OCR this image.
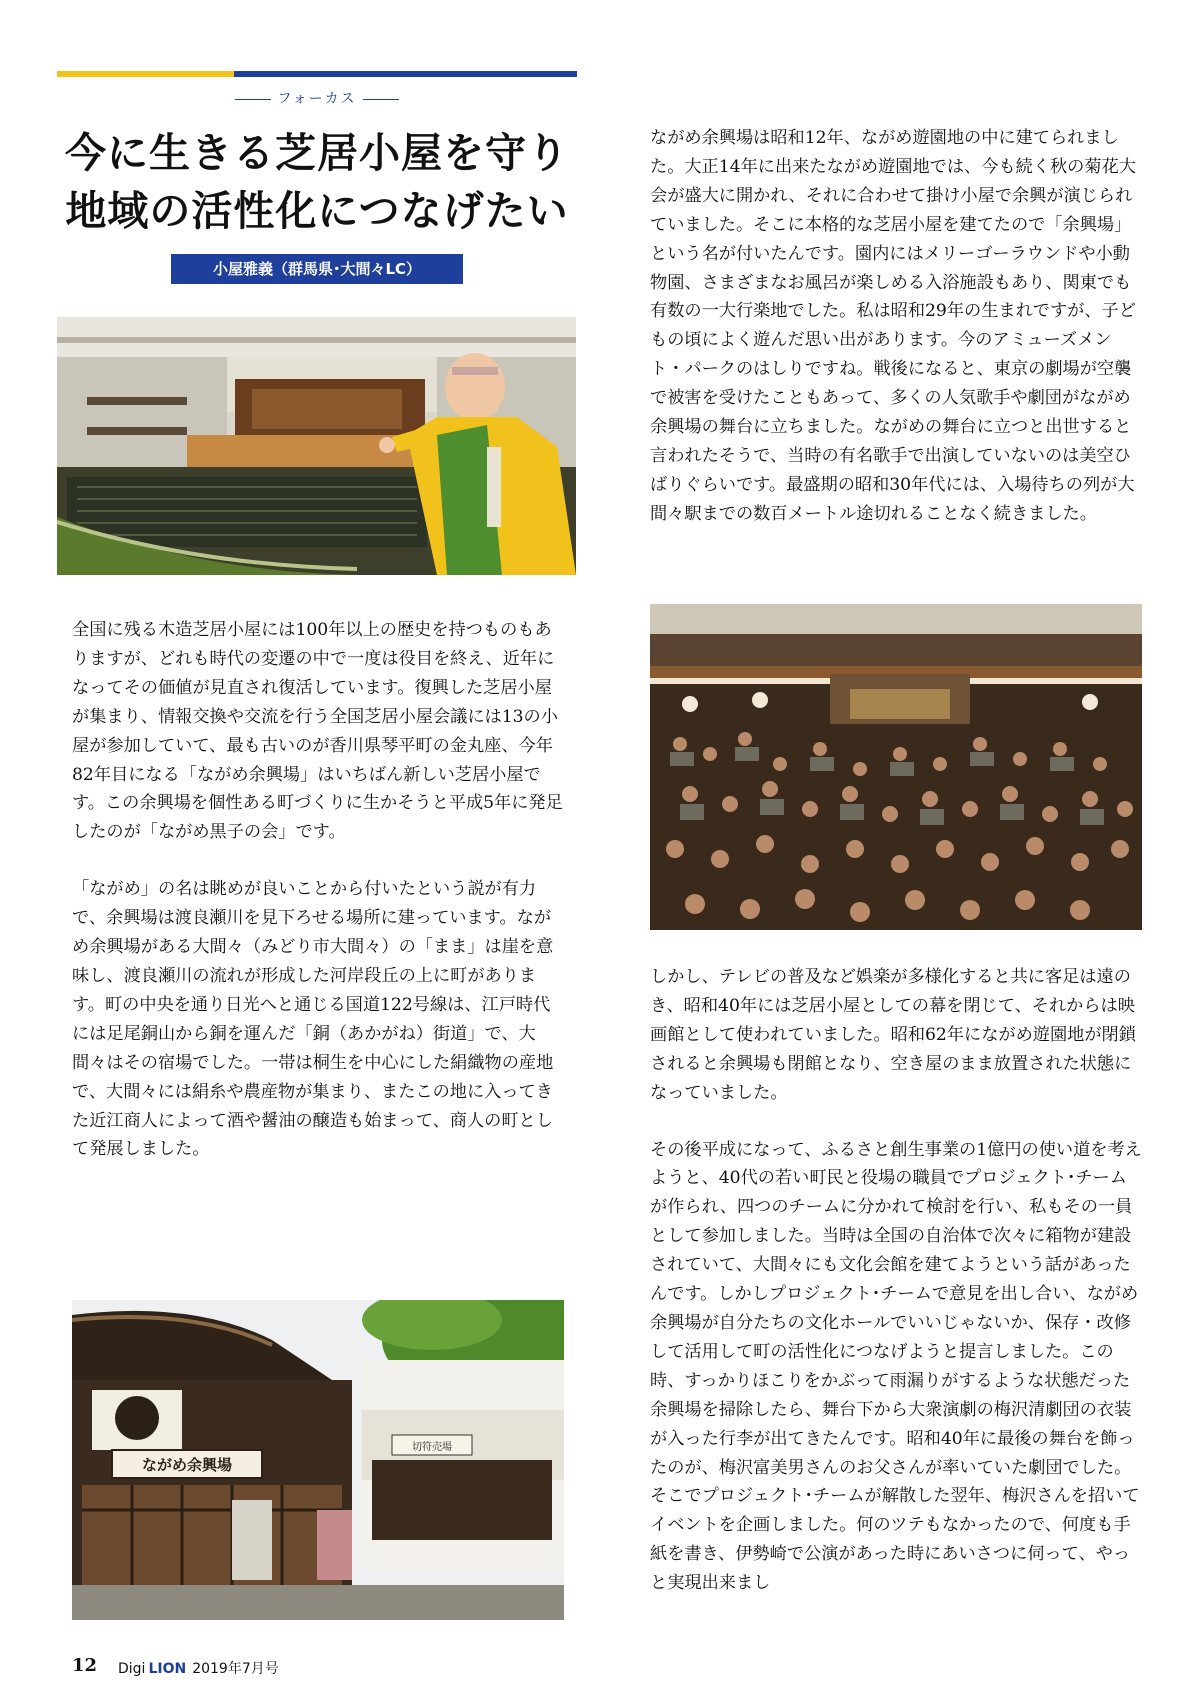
フォーカス
今に生きる芝居小屋を守り
地域の活性化につなげたい
小屋雅義（群馬県･大間々LC）

全国に残る木造芝居小屋には100年以上の歴史を持つものもありますが、どれも時代の変遷の中で一度は役目を終え、近年になってその価値が見直され復活しています。復興した芝居小屋が集まり、情報交換や交流を行う全国芝居小屋会議には13の小屋が参加していて、最も古いのが香川県琴平町の金丸座、今年82年目になる「ながめ余興場」はいちばん新しい芝居小屋です。この余興場を個性ある町づくりに生かそうと平成5年に発足したのが「ながめ黒子の会」です。

「ながめ」の名は眺めが良いことから付いたという説が有力で、余興場は渡良瀬川を見下ろせる場所に建っています。ながめ余興場がある大間々（みどり市大間々）の「まま」は崖を意味し、渡良瀬川の流れが形成した河岸段丘の上に町があります。町の中央を通り日光へと通じる国道122号線は、江戸時代には足尾銅山から銅を運んだ「銅（あかがね）街道」で、大間々はその宿場でした。一帯は桐生を中心にした絹織物の産地で、大間々には絹糸や農産物が集まり、またこの地に入ってきた近江商人によって酒や醤油の醸造も始まって、商人の町として発展しました。

切符売場
ながめ余興場

ながめ余興場は昭和12年、ながめ遊園地の中に建てられました。大正14年に出来たながめ遊園地では、今も続く秋の菊花大会が盛大に開かれ、それに合わせて掛け小屋で余興が演じられていました。そこに本格的な芝居小屋を建てたので「余興場」という名が付いたんです。園内にはメリーゴーラウンドや小動物園、さまざまなお風呂が楽しめる入浴施設もあり、関東でも有数の一大行楽地でした。私は昭和29年の生まれですが、子どもの頃によく遊んだ思い出があります。今のアミューズメント・パークのはしりですね。戦後になると、東京の劇場が空襲で被害を受けたこともあって、多くの人気歌手や劇団がながめ余興場の舞台に立ちました。ながめの舞台に立つと出世すると言われたそうで、当時の有名歌手で出演していないのは美空ひばりぐらいです。最盛期の昭和30年代には、入場待ちの列が大間々駅までの数百メートル途切れることなく続きました。

しかし、テレビの普及など娯楽が多様化すると共に客足は遠のき、昭和40年には芝居小屋としての幕を閉じて、それからは映画館として使われていました。昭和62年にながめ遊園地が閉鎖されると余興場も閉館となり、空き屋のまま放置された状態になっていました。

その後平成になって、ふるさと創生事業の1億円の使い道を考えようと、40代の若い町民と役場の職員でプロジェクト･チームが作られ、四つのチームに分かれて検討を行い、私もその一員として参加しました。当時は全国の自治体で次々に箱物が建設されていて、大間々にも文化会館を建てようという話があったんです。しかしプロジェクト･チームで意見を出し合い、ながめ余興場が自分たちの文化ホールでいいじゃないか、保存・改修して活用して町の活性化につなげようと提言しました。この時、すっかりほこりをかぶって雨漏りがするような状態だった余興場を掃除したら、舞台下から大衆演劇の梅沢清劇団の衣装が入った行李が出てきたんです。昭和40年に最後の舞台を飾ったのが、梅沢富美男さんのお父さんが率いていた劇団でした。そこでプロジェクト･チームが解散した翌年、梅沢さんを招いてイベントを企画しました。何のツテもなかったので、何度も手紙を書き、伊勢崎で公演があった時にあいさつに伺って、やっと実現出来まし

12 Digi LION 2019年7月号
